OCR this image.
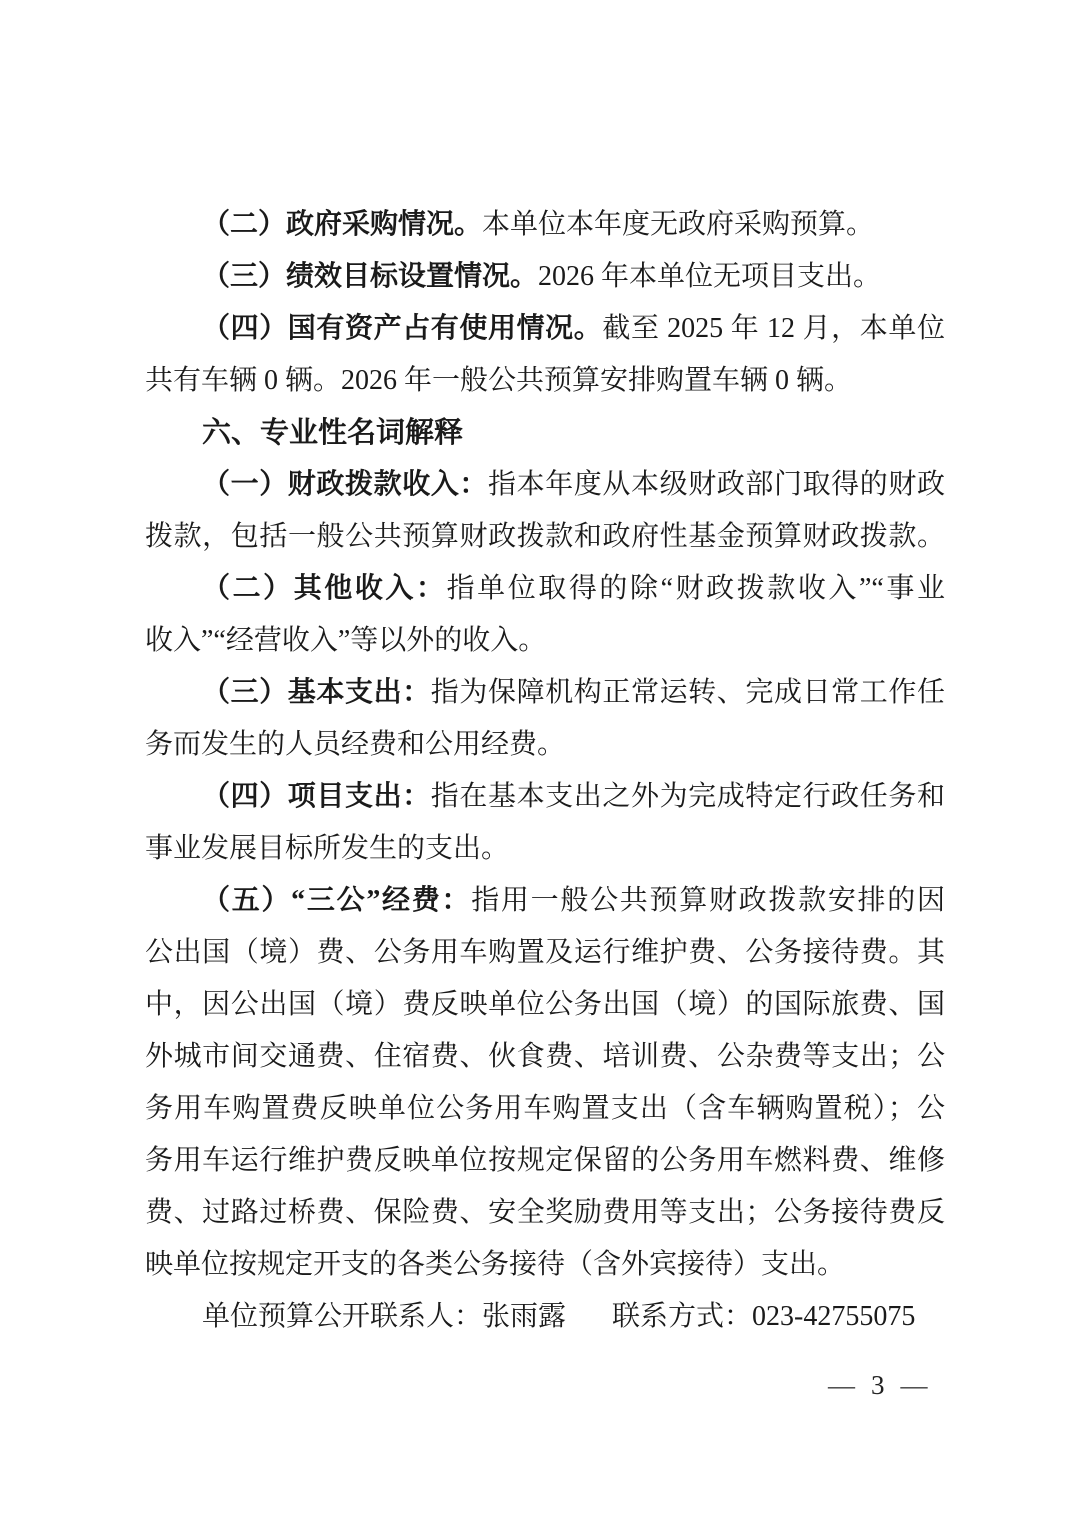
（二）政府采购情况。本单位本年度无政府采购预算。
（三）绩效目标设置情况。2026 年本单位无项目支出。
（四）国有资产占有使用情况。截至 2025 年 12 月，本单位
共有车辆 0 辆。2026 年一般公共预算安排购置车辆 0 辆。
六、专业性名词解释
（一）财政拨款收入：指本年度从本级财政部门取得的财政
拨款，包括一般公共预算财政拨款和政府性基金预算财政拨款。
（二）其他收入：指单位取得的除“财政拨款收入”“事业
收入”“经营收入”等以外的收入。
（三）基本支出：指为保障机构正常运转、完成日常工作任
务而发生的人员经费和公用经费。
（四）项目支出：指在基本支出之外为完成特定行政任务和
事业发展目标所发生的支出。
（五）“三公”经费：指用一般公共预算财政拨款安排的因
公出国（境）费、公务用车购置及运行维护费、公务接待费。其
中，因公出国（境）费反映单位公务出国（境）的国际旅费、国
外城市间交通费、住宿费、伙食费、培训费、公杂费等支出；公
务用车购置费反映单位公务用车购置支出（含车辆购置税）；公
务用车运行维护费反映单位按规定保留的公务用车燃料费、维修
费、过路过桥费、保险费、安全奖励费用等支出；公务接待费反
映单位按规定开支的各类公务接待（含外宾接待）支出。
单位预算公开联系人：张雨露 联系方式：023-42755075
— 3 —
